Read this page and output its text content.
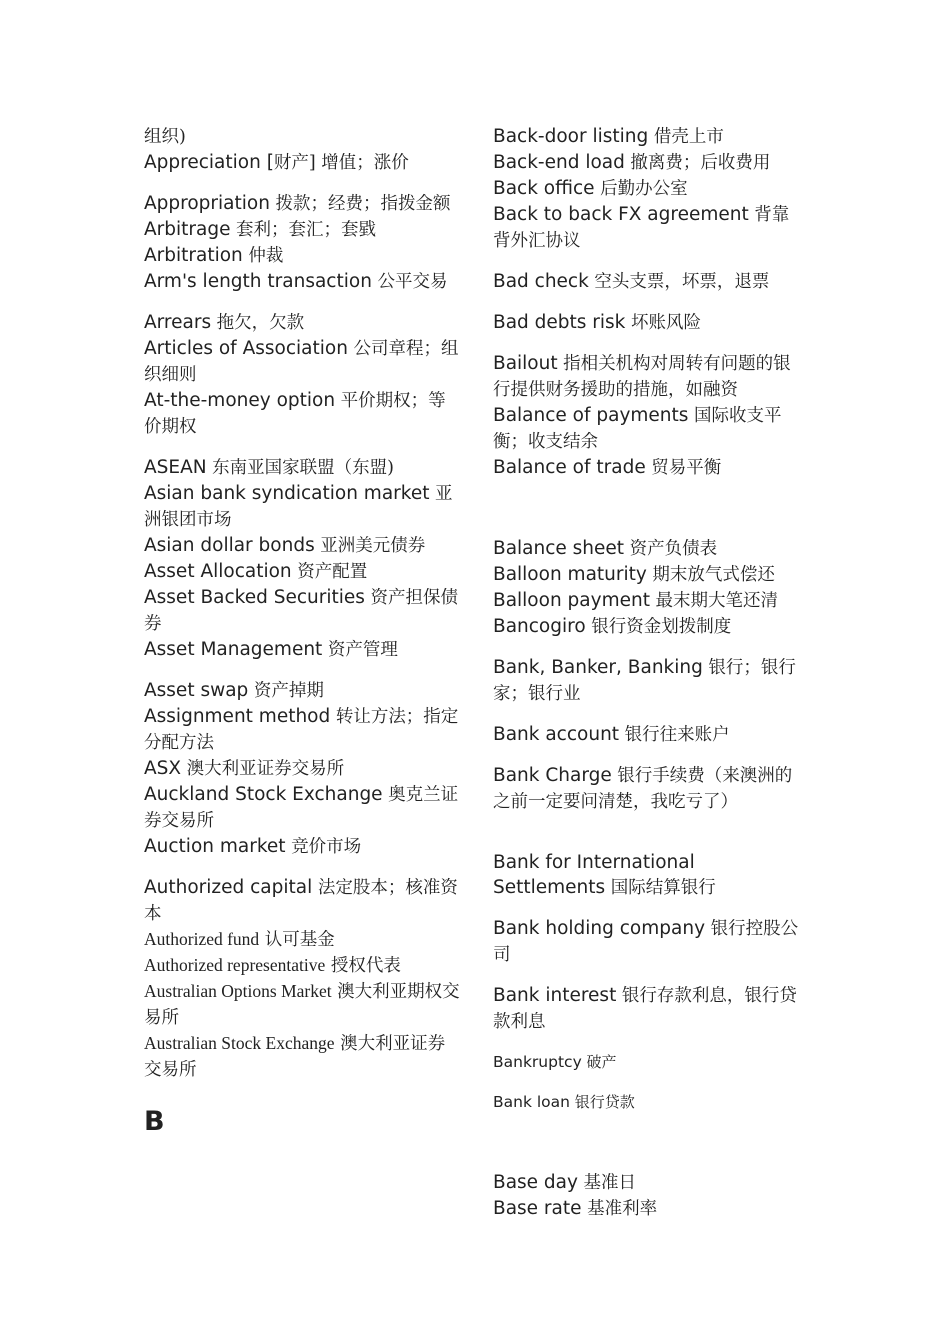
组织)
Appreciation [财产] 增值；涨价
Appropriation 拨款；经费；指拨金额
Arbitrage 套利；套汇；套戥
Arbitration 仲裁
Arm's length transaction 公平交易
Arrears 拖欠，欠款
Articles of Association 公司章程；组织细则
At-the-money option 平价期权；等价期权
ASEAN 东南亚国家联盟（东盟)
Asian bank syndication market 亚洲银团市场
Asian dollar bonds 亚洲美元债券
Asset Allocation 资产配置
Asset Backed Securities 资产担保债券
Asset Management 资产管理
Asset swap 资产掉期
Assignment method 转让方法；指定分配方法
ASX 澳大利亚证券交易所
Auckland Stock Exchange 奥克兰证券交易所
Auction market 竞价市场
Authorized capital 法定股本；核准资本
Authorized fund 认可基金
Authorized representative 授权代表
Australian Options Market 澳大利亚期权交易所
Australian Stock Exchange 澳大利亚证券交易所
B
Back-door listing 借壳上市
Back-end load 撤离费；后收费用
Back office 后勤办公室
Back to back FX agreement 背靠背外汇协议
Bad check 空头支票，坏票，退票
Bad debts risk 坏账风险
Bailout 指相关机构对周转有问题的银行提供财务援助的措施，如融资
Balance of payments 国际收支平衡；收支结余
Balance of trade 贸易平衡
Balance sheet 资产负债表
Balloon maturity 期末放气式偿还
Balloon payment 最末期大笔还清
Bancogiro 银行资金划拨制度
Bank, Banker, Banking 银行；银行家；银行业
Bank account 银行往来账户
Bank Charge 银行手续费（来澳洲的之前一定要问清楚，我吃亏了）
Bank for International Settlements 国际结算银行
Bank holding company 银行控股公司
Bank interest 银行存款利息，银行贷款利息
Bankruptcy 破产
Bank loan 银行贷款
Base day 基准日
Base rate 基准利率
